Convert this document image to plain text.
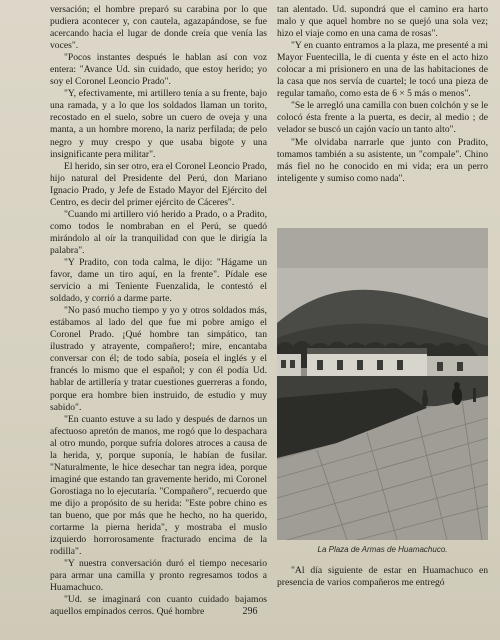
versación; el hombre preparó su carabina por lo que pudiera acontecer y, con cautela, agazapándose, se fue acercando hacia el lugar de donde creía que venía las voces".

"Pocos instantes después le hablan así con voz entera: "Avance Ud. sin cuidado, que estoy herido; yo soy el Coronel Leoncio Prado".

"Y, efectivamente, mi artillero tenía a su frente, bajo una ramada, y a lo que los soldados llaman un torito, recostado en el suelo, sobre un cuero de oveja y una manta, a un hombre moreno, la nariz perfilada; de pelo negro y muy crespo y que usaba bigote y una insignificante pera militar".

El herido, sin ser otro, era el Coronel Leoncio Prado, hijo natural del Presidente del Perú, don Mariano Ignacio Prado, y Jefe de Estado Mayor del Ejército del Centro, es decir del primer ejército de Cáceres".

"Cuando mi artillero vió herido a Prado, o a Pradito, como todos le nombraban en el Perú, se quedó mirándolo al oír la tranquilidad con que le dirigía la palabra".

"Y Pradito, con toda calma, le dijo: "Hágame un favor, dame un tiro aquí, en la frente". Pídale ese servicio a mi Teniente Fuenzalida, le contestó el soldado, y corrió a darme parte.

"No pasó mucho tiempo y yo y otros soldados más, estábamos al lado del que fue mi pobre amigo el Coronel Prado. ¡Qué hombre tan simpático, tan ilustrado y atrayente, compañero!; mire, encantaba conversar con él; de todo sabía, poseía el inglés y el francés lo mismo que el español; y con él podía Ud. hablar de artillería y tratar cuestiones guerreras a fondo, porque era hombre bien instruido, de estudio y muy sabido".

"En cuanto estuve a su lado y después de darnos un afectuoso apretón de manos, me rogó que lo despachara al otro mundo, porque sufría dolores atroces a causa de la herida, y, porque suponía, le habían de fusilar. "Naturalmente, le hice desechar tan negra idea, porque imaginé que estando tan gravemente herido, mi Coronel Gorostiaga no lo ejecutaría. "Compañero", recuerdo que me dijo a propósito de su herida: "Este pobre chino es tan bueno, que por más que he hecho, no ha querido, cortarme la pierna herida", y mostraba el muslo izquierdo horrorosamente fracturado encima de la rodilla".

"Y nuestra conversación duró el tiempo necesario para armar una camilla y pronto regresamos todos a Huamachuco.

"Ud. se imaginará con cuanto cuidado bajamos aquellos empinados cerros. Qué hombre

tan alentado. Ud. supondrá que el camino era harto malo y que aquel hombre no se quejó una sola vez; hizo el viaje como en una cama de rosas".

"Y en cuanto entramos a la plaza, me presenté a mi Mayor Fuentecilla, le di cuenta y éste en el acto hizo colocar a mi prisionero en una de las habitaciones de la casa que nos servía de cuartel; le tocó una pieza de regular tamaño, como esta de 6 × 5 más o menos".

"Se le arregló una camilla con buen colchón y se le colocó ésta frente a la puerta, es decir, al medio ; de velador se buscó un cajón vacío un tanto alto".

"Me olvidaba narrarle que junto con Pradito, tomamos también a su asistente, un "compale". Chino más fiel no he conocido en mi vida; era un perro inteligente y sumiso como nada".

La Plaza de Armas de Huamachuco.

"Al día siguiente de estar en Huamachuco en presencia de varios compañeros me entregó

296
